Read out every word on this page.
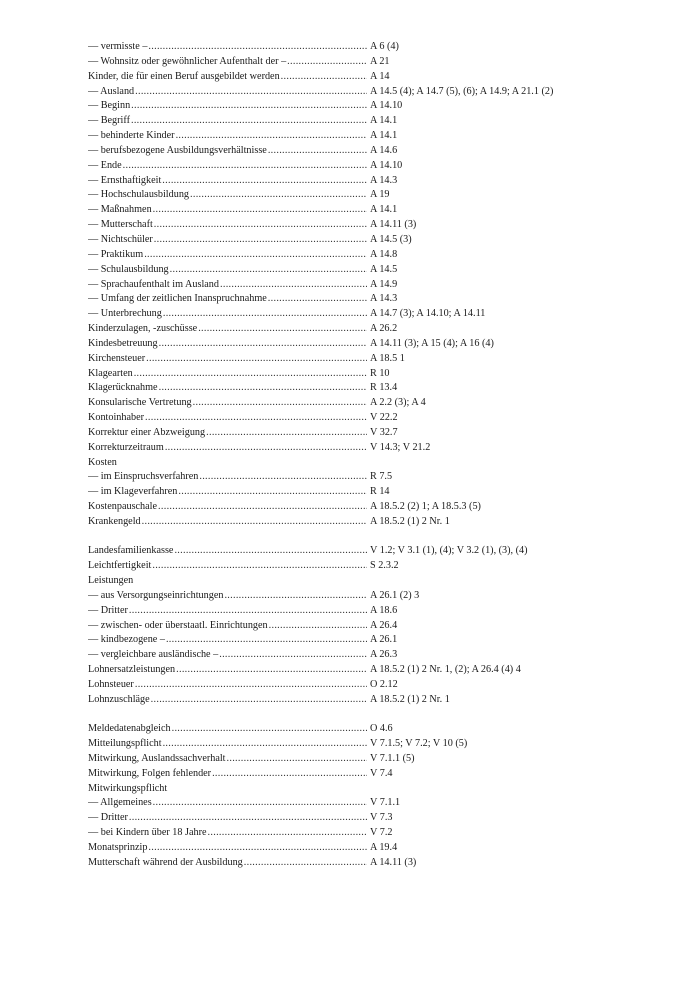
— vermisste – .....	A 6 (4)
— Wohnsitz oder gewöhnlicher Aufenthalt der – .....	A 21
Kinder, die für einen Beruf ausgebildet werden .....	A 14
— Ausland .....	A 14.5 (4); A 14.7 (5), (6); A 14.9; A 21.1 (2)
— Beginn .....	A 14.10
— Begriff .....	A 14.1
— behinderte Kinder .....	A 14.1
— berufsbezogene Ausbildungsverhältnisse .....	A 14.6
— Ende .....	A 14.10
— Ernsthaftigkeit .....	A 14.3
— Hochschulausbildung .....	A 19
— Maßnahmen .....	A 14.1
— Mutterschaft .....	A 14.11 (3)
— Nichtschüler .....	A 14.5 (3)
— Praktikum .....	A 14.8
— Schulausbildung .....	A 14.5
— Sprachaufenthalt im Ausland .....	A 14.9
— Umfang der zeitlichen Inanspruchnahme .....	A 14.3
— Unterbrechung .....	A 14.7 (3); A 14.10; A 14.11
Kinderzulagen, -zuschüsse .....	A 26.2
Kindesbetreuung .....	A 14.11 (3); A 15 (4); A 16 (4)
Kirchensteuer .....	A 18.5 1
Klagearten .....	R 10
Klagerücknahme .....	R 13.4
Konsularische Vertretung .....	A 2.2 (3); A 4
Kontoinhaber .....	V 22.2
Korrektur einer Abzweigung .....	V 32.7
Korrekturzeitraum .....	V 14.3; V 21.2
Kosten
— im Einspruchsverfahren .....	R 7.5
— im Klageverfahren .....	R 14
Kostenpauschale .....	A 18.5.2 (2) 1; A 18.5.3 (5)
Krankengeld .....	A 18.5.2 (1) 2 Nr. 1
Landesfamilienkasse .....	V 1.2; V 3.1 (1), (4); V 3.2 (1), (3), (4)
Leichtfertigkeit .....	S 2.3.2
Leistungen
— aus Versorgungseinrichtungen .....	A 26.1 (2) 3
— Dritter .....	A 18.6
— zwischen- oder überstaatl. Einrichtungen .....	A 26.4
— kindbezogene – .....	A 26.1
— vergleichbare ausländische – .....	A 26.3
Lohnersatzleistungen .....	A 18.5.2 (1) 2 Nr. 1, (2); A 26.4 (4) 4
Lohnsteuer .....	O 2.12
Lohnzuschläge .....	A 18.5.2 (1) 2 Nr. 1
Meldedatenabgleich .....	O 4.6
Mitteilungspflicht .....	V 7.1.5; V 7.2; V 10 (5)
Mitwirkung, Auslandssachverhalt .....	V 7.1.1 (5)
Mitwirkung, Folgen fehlender .....	V 7.4
Mitwirkungspflicht
— Allgemeines .....	V 7.1.1
— Dritter .....	V 7.3
— bei Kindern über 18 Jahre .....	V 7.2
Monatsprinzip .....	A 19.4
Mutterschaft während der Ausbildung .....	A 14.11 (3)
